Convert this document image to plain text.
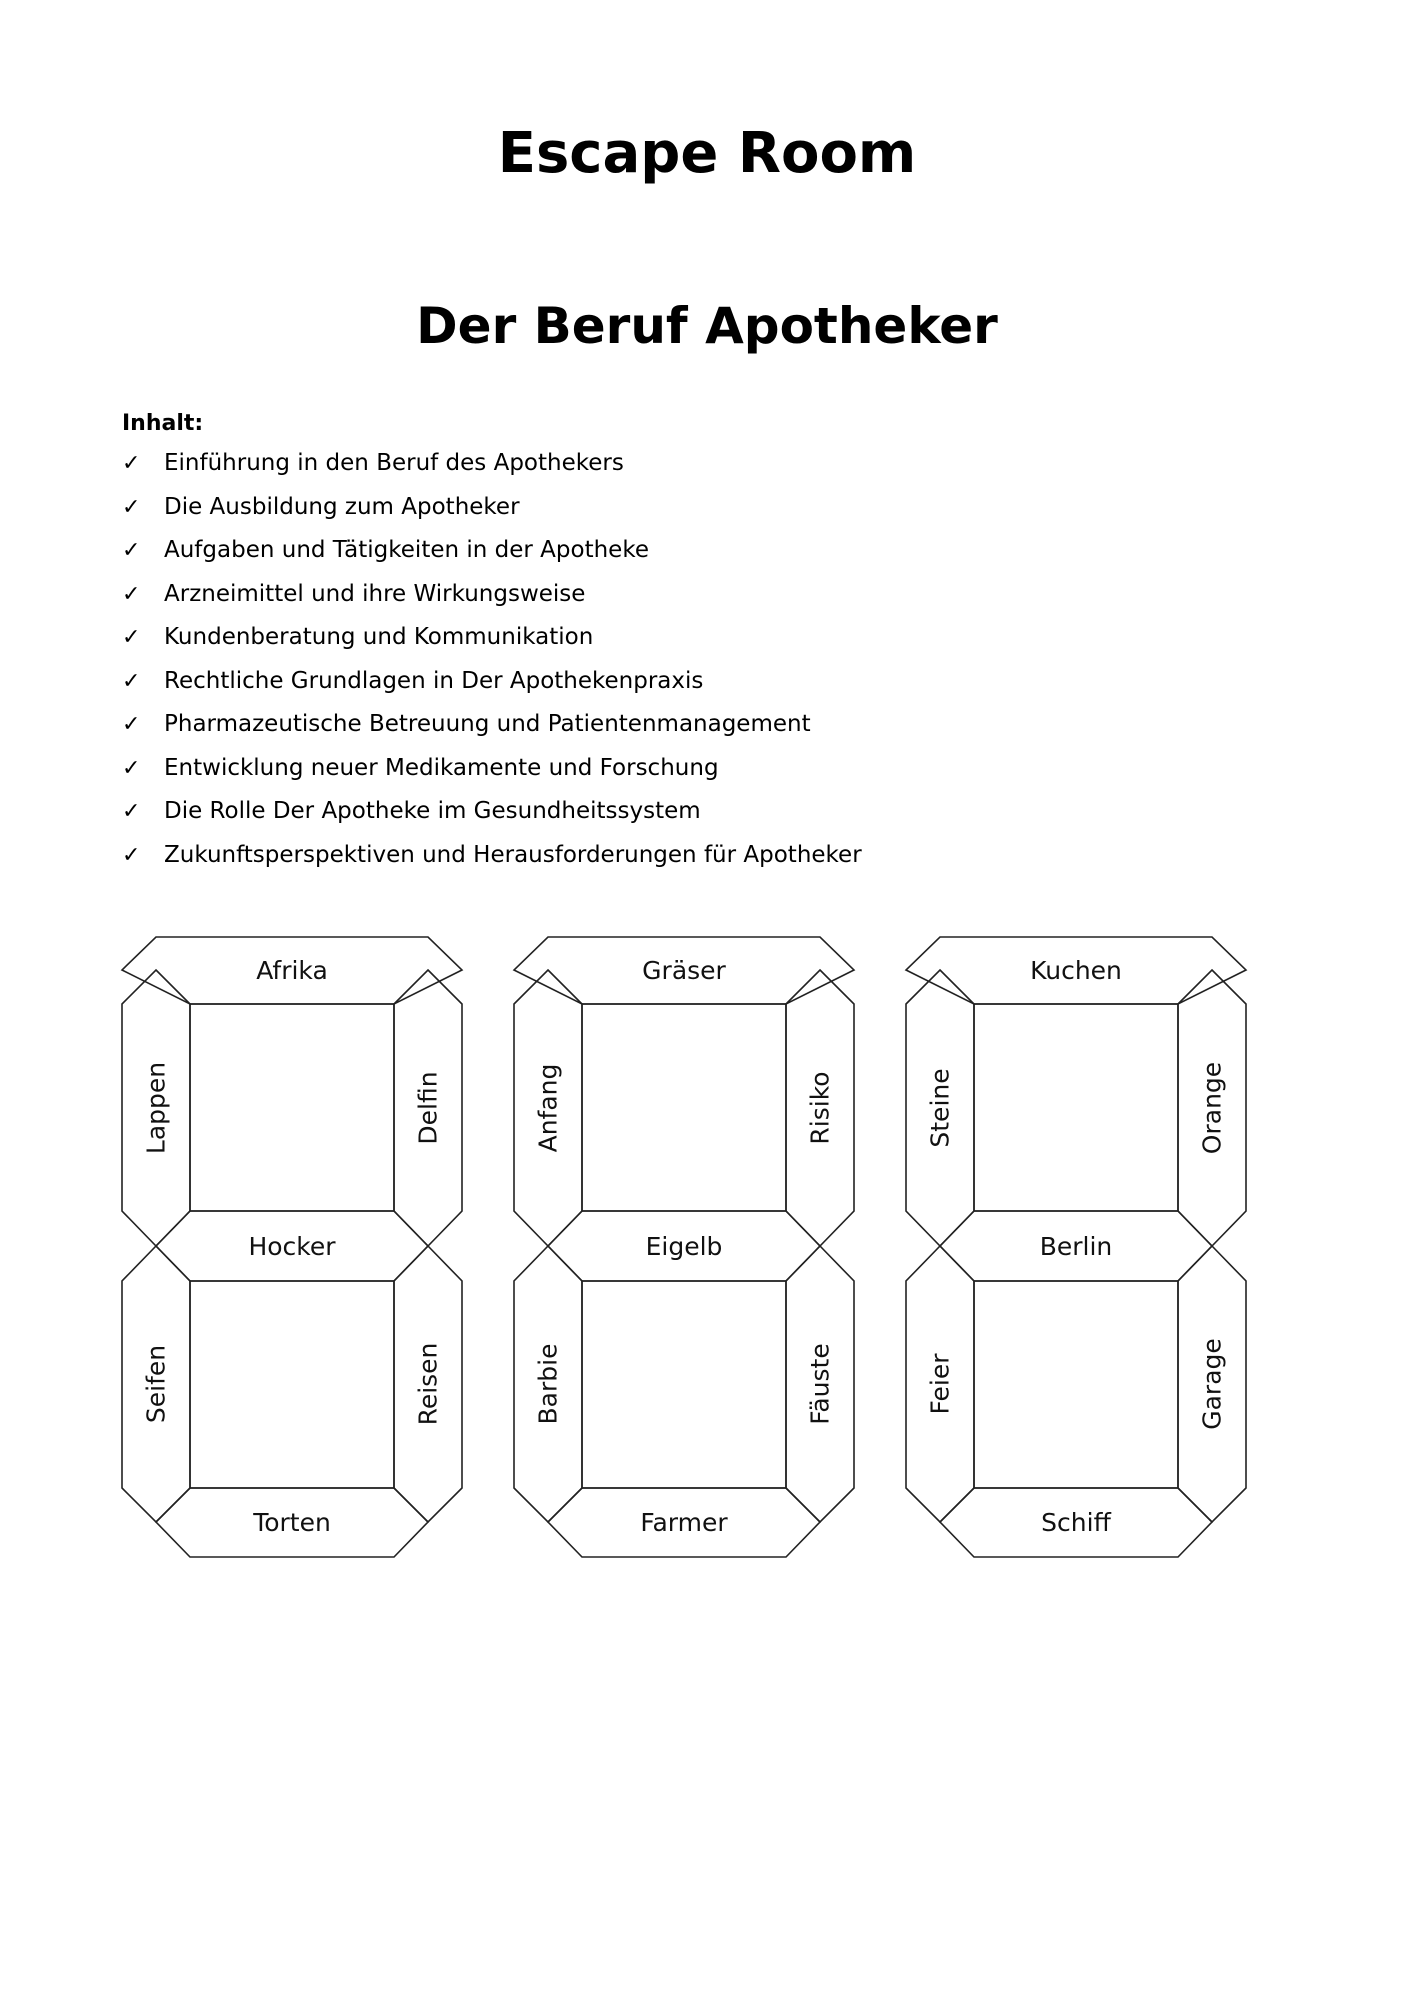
Escape Room
Der Beruf Apotheker
Inhalt:
✓ Einführung in den Beruf des Apothekers
✓ Die Ausbildung zum Apotheker
✓ Aufgaben und Tätigkeiten in der Apotheke
✓ Arzneimittel und ihre Wirkungsweise
✓ Kundenberatung und Kommunikation
✓ Rechtliche Grundlagen in Der Apothekenpraxis
✓ Pharmazeutische Betreuung und Patientenmanagement
✓ Entwicklung neuer Medikamente und Forschung
✓ Die Rolle Der Apotheke im Gesundheitssystem
✓ Zukunftsperspektiven und Herausforderungen für Apotheker
Afrika
Lappen	Delfin
Hocker
Seifen	Reisen
Torten
Gräser
Anfang	Risiko
Eigelb
Barbie	Fäuste
Farmer
Kuchen
Steine	Orange
Berlin
Feier	Garage
Schiff
